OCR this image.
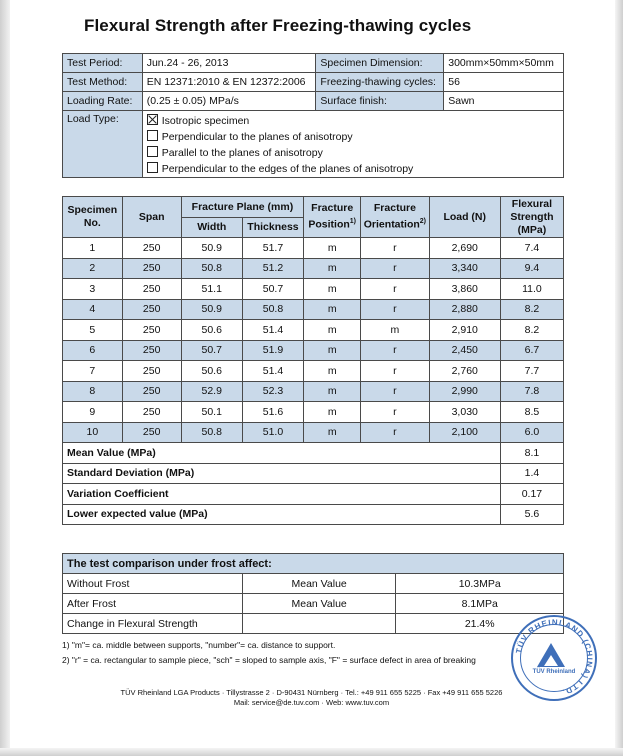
Flexural Strength after Freezing-thawing cycles
Test Period:	Jun.24 - 26, 2013	Specimen Dimension:	300mm×50mm×50mm
Test Method:	EN 12371:2010 & EN 12372:2006	Freezing-thawing cycles:	56
Loading Rate:	(0.25 ± 0.05) MPa/s	Surface finish:	Sawn
Load Type:	Isotropic specimen
Perpendicular to the planes of anisotropy
Parallel to the planes of anisotropy
Perpendicular to the edges of the planes of anisotropy		
Specimen No.	Span	Fracture Plane (mm)		Fracture Position$^{1)}$	Fracture Orientation$^{2)}$	Load (N)	Flexural Strength (MPa)
		Width	Thickness				
1	250	50.9	51.7	m	r	2,690	7.4
2	250	50.8	51.2	m	r	3,340	9.4
3	250	51.1	50.7	m	r	3,860	11.0
4	250	50.9	50.8	m	r	2,880	8.2
5	250	50.6	51.4	m	m	2,910	8.2
6	250	50.7	51.9	m	r	2,450	6.7
7	250	50.6	51.4	m	r	2,760	7.7
8	250	52.9	52.3	m	r	2,990	7.8
9	250	50.1	51.6	m	r	3,030	8.5
10	250	50.8	51.0	m	r	2,100	6.0
Mean Value (MPa)							8.1
Standard Deviation (MPa)							1.4
Variation Coefficient							0.17
Lower expected value (MPa)							5.6
The test comparison under frost affect:		
Without Frost	Mean Value	10.3MPa
After Frost	Mean Value	8.1MPa
Change in Flexural Strength		21.4%
1) "m"= ca. middle between supports, "number"= ca. distance to support.
2) "r" = ca. rectangular to sample piece, "sch" = sloped to sample axis, "F" = surface defect in area of breaking
TÜV Rheinland LGA Products · Tillystrasse 2 · D-90431 Nürnberg · Tel.: +49 911 655 5225 · Fax +49 911 655 5226
Mail: service@de.tuv.com · Web: www.tuv.com
TÜV RHEINLAND (CHINA) LTD.
TÜV Rheinland
